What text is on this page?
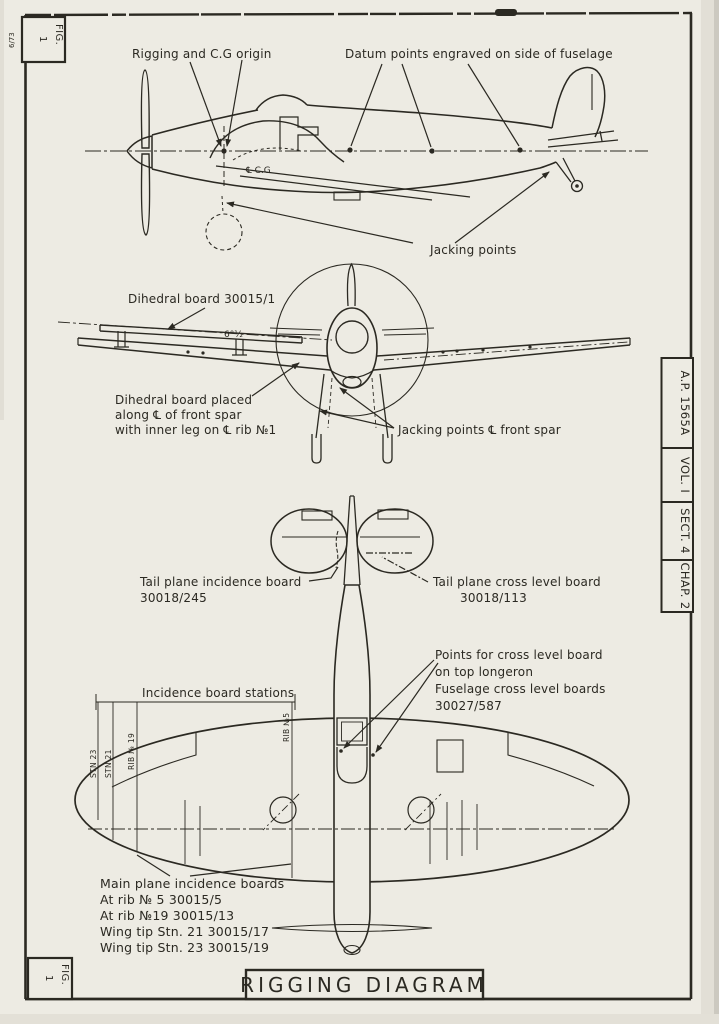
6/73	FIG.
1
FIG.
1
A.P. 1565A
VOL. I
SECT. 4
CHAP. 2
Rigging and C.G origin	Datum points engraved on side of fuselage
Jacking points
℄ C.G
Dihedral board 30015/1
6°½
Dihedral board placed
along ℄ of front spar
with inner leg on ℄ rib №1	Jacking points ℄ front spar
Tail plane incidence board
30018/245
Tail plane cross level board
30018/113
Points for cross level board
on top longeron
Fuselage cross level boards
30027/587
Incidence board stations
STN 23 STN 21 RIB № 19
RIB №5
Main plane incidence boards
At rib № 5 30015/5
At rib №19 30015/13
Wing tip Stn. 21 30015/17
Wing tip Stn. 23 30015/19
RIGGING DIAGRAM
